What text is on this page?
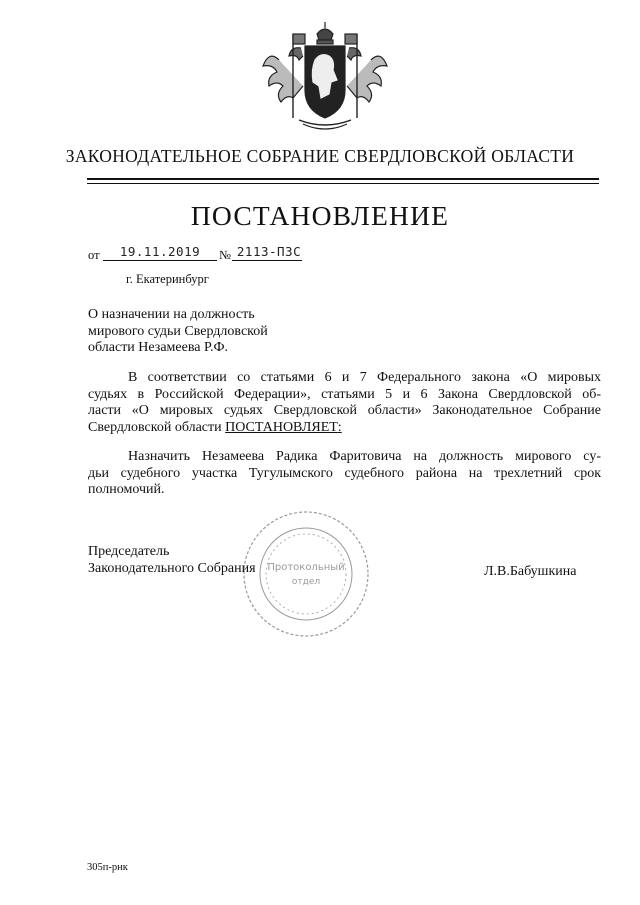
ЗАКОНОДАТЕЛЬНОЕ СОБРАНИЕ СВЕРДЛОВСКОЙ ОБЛАСТИ
ПОСТАНОВЛЕНИЕ
от	19.11.2019	№ 2113-ПЗС
г. Екатеринбург
О назначении на должность
мирового судьи Свердловской
области Незамеева Р.Ф.
В соответствии со статьями 6 и 7 Федерального закона «О мировых
судьях в Российской Федерации», статьями 5 и 6 Закона Свердловской об-
ласти «О мировых судьях Свердловской области» Законодательное Собрание
Свердловской области ПОСТАНОВЛЯЕТ:
Назначить Незамеева Радика Фаритовича на должность мирового су-
дьи судебного участка Тугулымского судебного района на трехлетний срок
полномочий.
Протокольный
отдел
Председатель
Законодательного Собрания	Л.В.Бабушкина
305п-рнк
